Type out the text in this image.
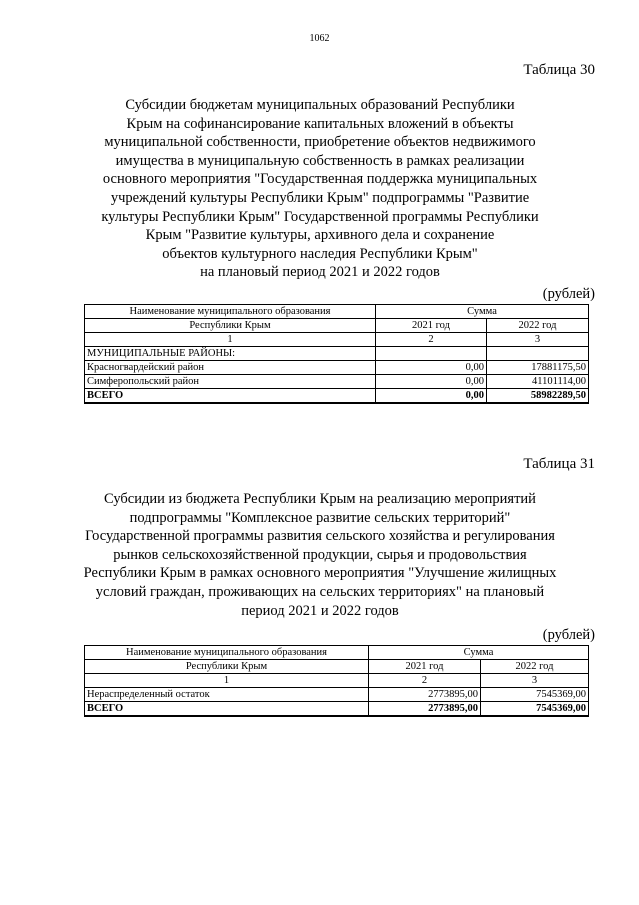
1062
Таблица 30
Субсидии бюджетам муниципальных образований Республики
Крым на софинансирование капитальных вложений в объекты
муниципальной собственности, приобретение объектов недвижимого
имущества в муниципальную собственность в рамках реализации
основного мероприятия "Государственная поддержка муниципальных
учреждений культуры Республики Крым" подпрограммы "Развитие
культуры Республики Крым" Государственной программы Республики
Крым "Развитие культуры, архивного дела и сохранение
объектов культурного наследия Республики Крым"
на плановый период 2021 и 2022 годов
(рублей)
Наименование муниципального образования	Сумма	
Республики Крым	2021 год	2022 год
1	2	3
МУНИЦИПАЛЬНЫЕ РАЙОНЫ:		
Красногвардейский район	0,00	17881175,50
Симферопольский район	0,00	41101114,00
ВСЕГО	0,00	58982289,50
Таблица 31
Субсидии из бюджета Республики Крым на реализацию мероприятий
подпрограммы "Комплексное развитие сельских территорий"
Государственной программы развития сельского хозяйства и регулирования
рынков сельскохозяйственной продукции, сырья и продовольствия
Республики Крым в рамках основного мероприятия "Улучшение жилищных
условий граждан, проживающих на сельских территориях" на плановый
период 2021 и 2022 годов
(рублей)
Наименование муниципального образования	Сумма	
Республики Крым	2021 год	2022 год
1	2	3
Нераспределенный остаток	2773895,00	7545369,00
ВСЕГО	2773895,00	7545369,00
